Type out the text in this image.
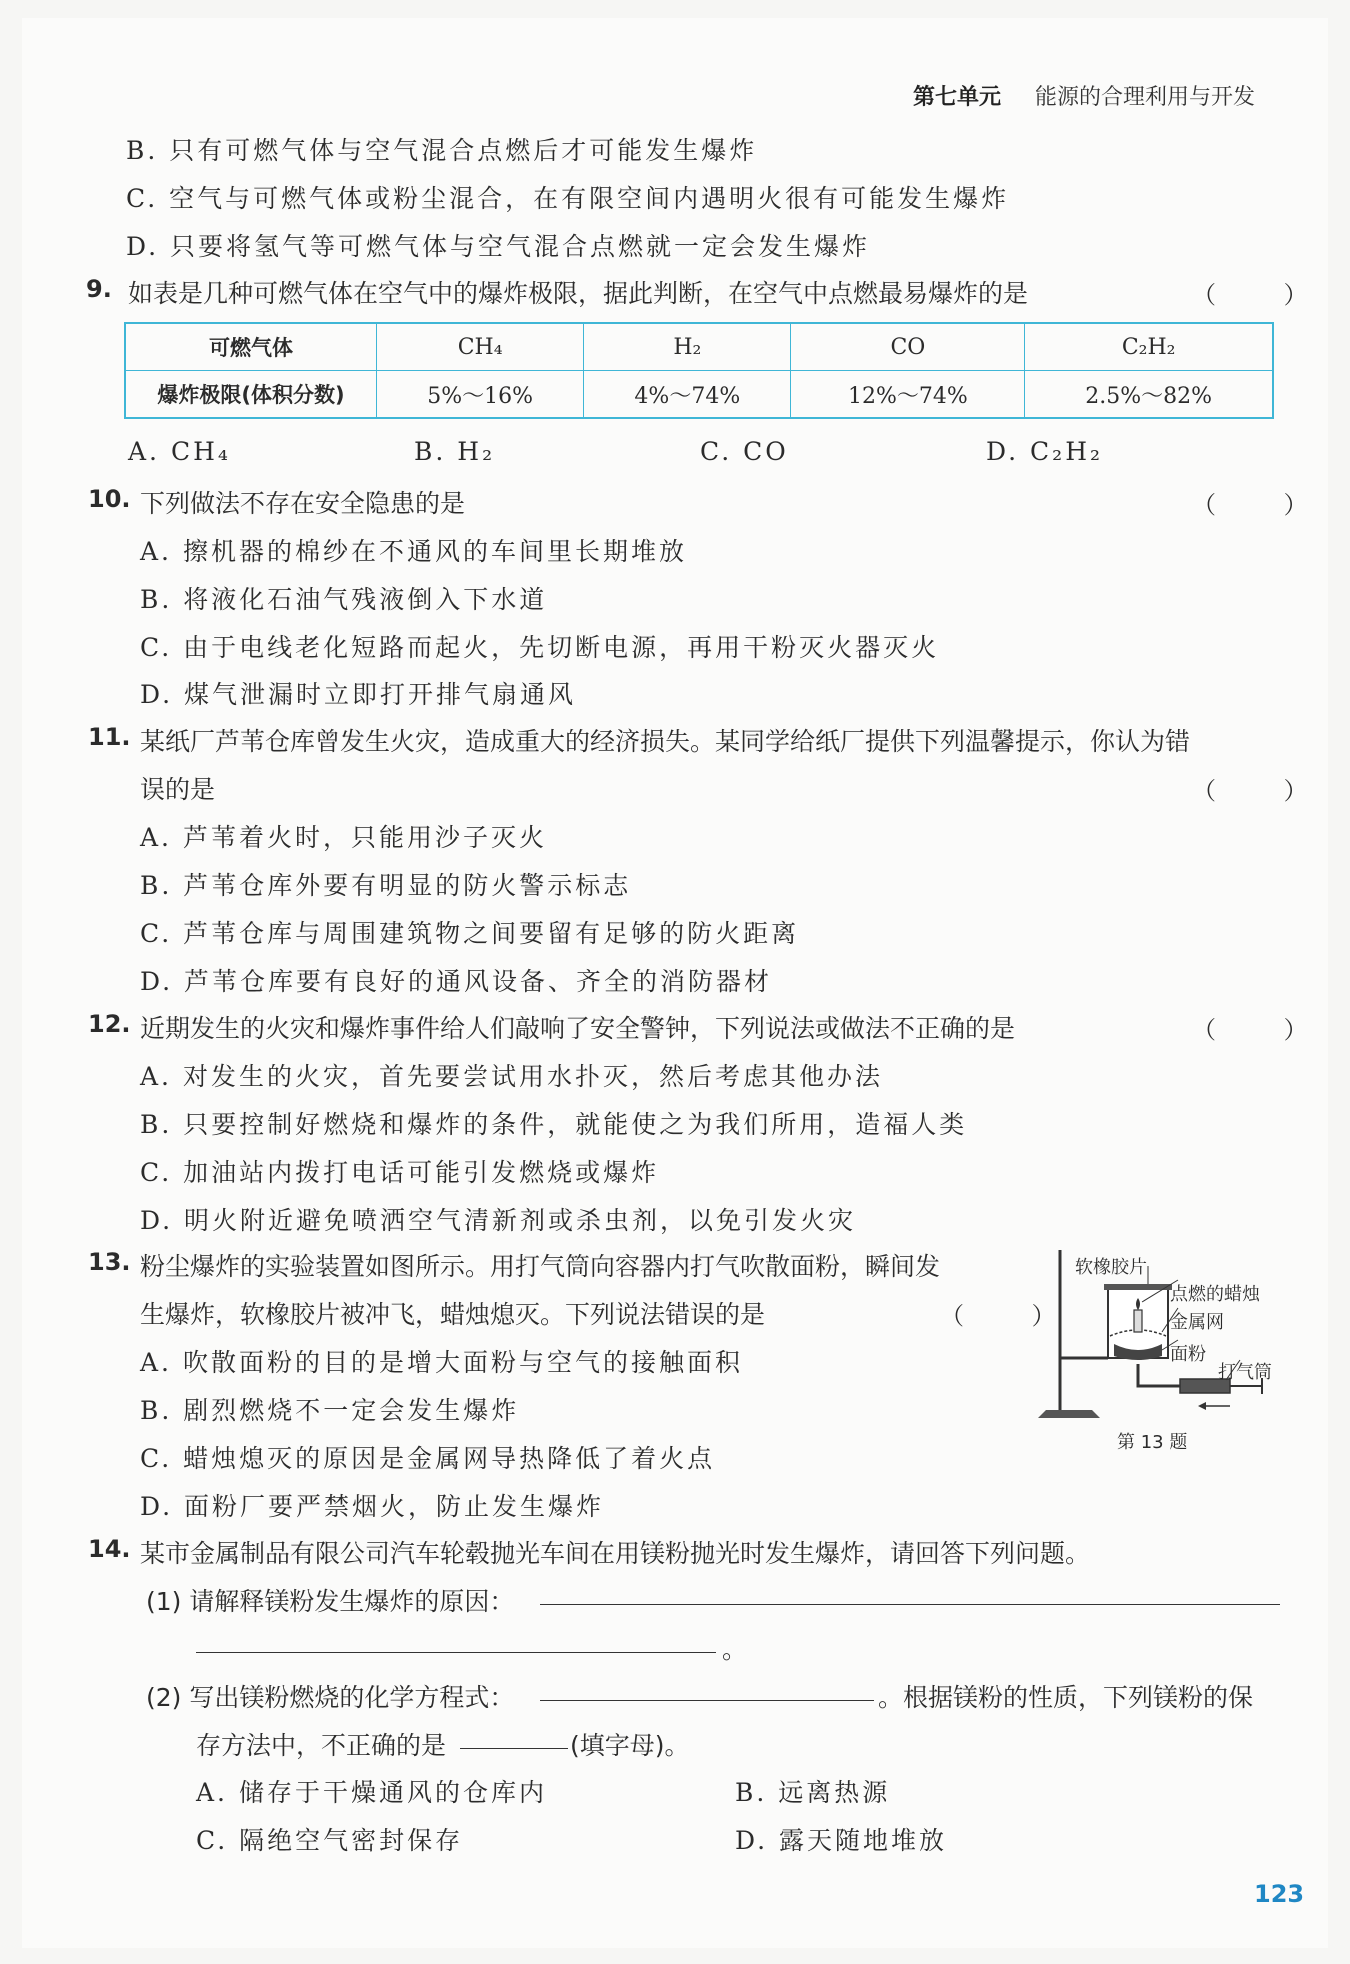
第七单元 能源的合理利用与开发
B. 只有可燃气体与空气混合点燃后才可能发生爆炸
C. 空气与可燃气体或粉尘混合，在有限空间内遇明火很有可能发生爆炸
D. 只要将氢气等可燃气体与空气混合点燃就一定会发生爆炸
9. 如表是几种可燃气体在空气中的爆炸极限，据此判断，在空气中点燃最易爆炸的是	（ ）
可燃气体	CH₄	H₂	CO	C₂H₂
爆炸极限(体积分数)	5%～16%	4%～74%	12%～74%	2.5%～82%
A. CH₄	B. H₂	C. CO	D. C₂H₂
10. 下列做法不存在安全隐患的是	（ ）
A. 擦机器的棉纱在不通风的车间里长期堆放
B. 将液化石油气残液倒入下水道
C. 由于电线老化短路而起火，先切断电源，再用干粉灭火器灭火
D. 煤气泄漏时立即打开排气扇通风
11. 某纸厂芦苇仓库曾发生火灾，造成重大的经济损失。某同学给纸厂提供下列温馨提示，你认为错
误的是	（ ）
A. 芦苇着火时，只能用沙子灭火
B. 芦苇仓库外要有明显的防火警示标志
C. 芦苇仓库与周围建筑物之间要留有足够的防火距离
D. 芦苇仓库要有良好的通风设备、齐全的消防器材
12. 近期发生的火灾和爆炸事件给人们敲响了安全警钟，下列说法或做法不正确的是	（ ）
A. 对发生的火灾，首先要尝试用水扑灭，然后考虑其他办法
B. 只要控制好燃烧和爆炸的条件，就能使之为我们所用，造福人类
C. 加油站内拨打电话可能引发燃烧或爆炸
D. 明火附近避免喷洒空气清新剂或杀虫剂，以免引发火灾
13. 粉尘爆炸的实验装置如图所示。用打气筒向容器内打气吹散面粉，瞬间发
生爆炸，软橡胶片被冲飞，蜡烛熄灭。下列说法错误的是	（ ）
A. 吹散面粉的目的是增大面粉与空气的接触面积
B. 剧烈燃烧不一定会发生爆炸
C. 蜡烛熄灭的原因是金属网导热降低了着火点
D. 面粉厂要严禁烟火，防止发生爆炸
软橡胶片
点燃的蜡烛
金属网
面粉
打气筒
第 13 题
14. 某市金属制品有限公司汽车轮毂抛光车间在用镁粉抛光时发生爆炸，请回答下列问题。
(1) 请解释镁粉发生爆炸的原因：
。
(2) 写出镁粉燃烧的化学方程式：	。根据镁粉的性质，下列镁粉的保
存方法中，不正确的是	(填字母)。
A. 储存于干燥通风的仓库内	B. 远离热源
C. 隔绝空气密封保存	D. 露天随地堆放
123
